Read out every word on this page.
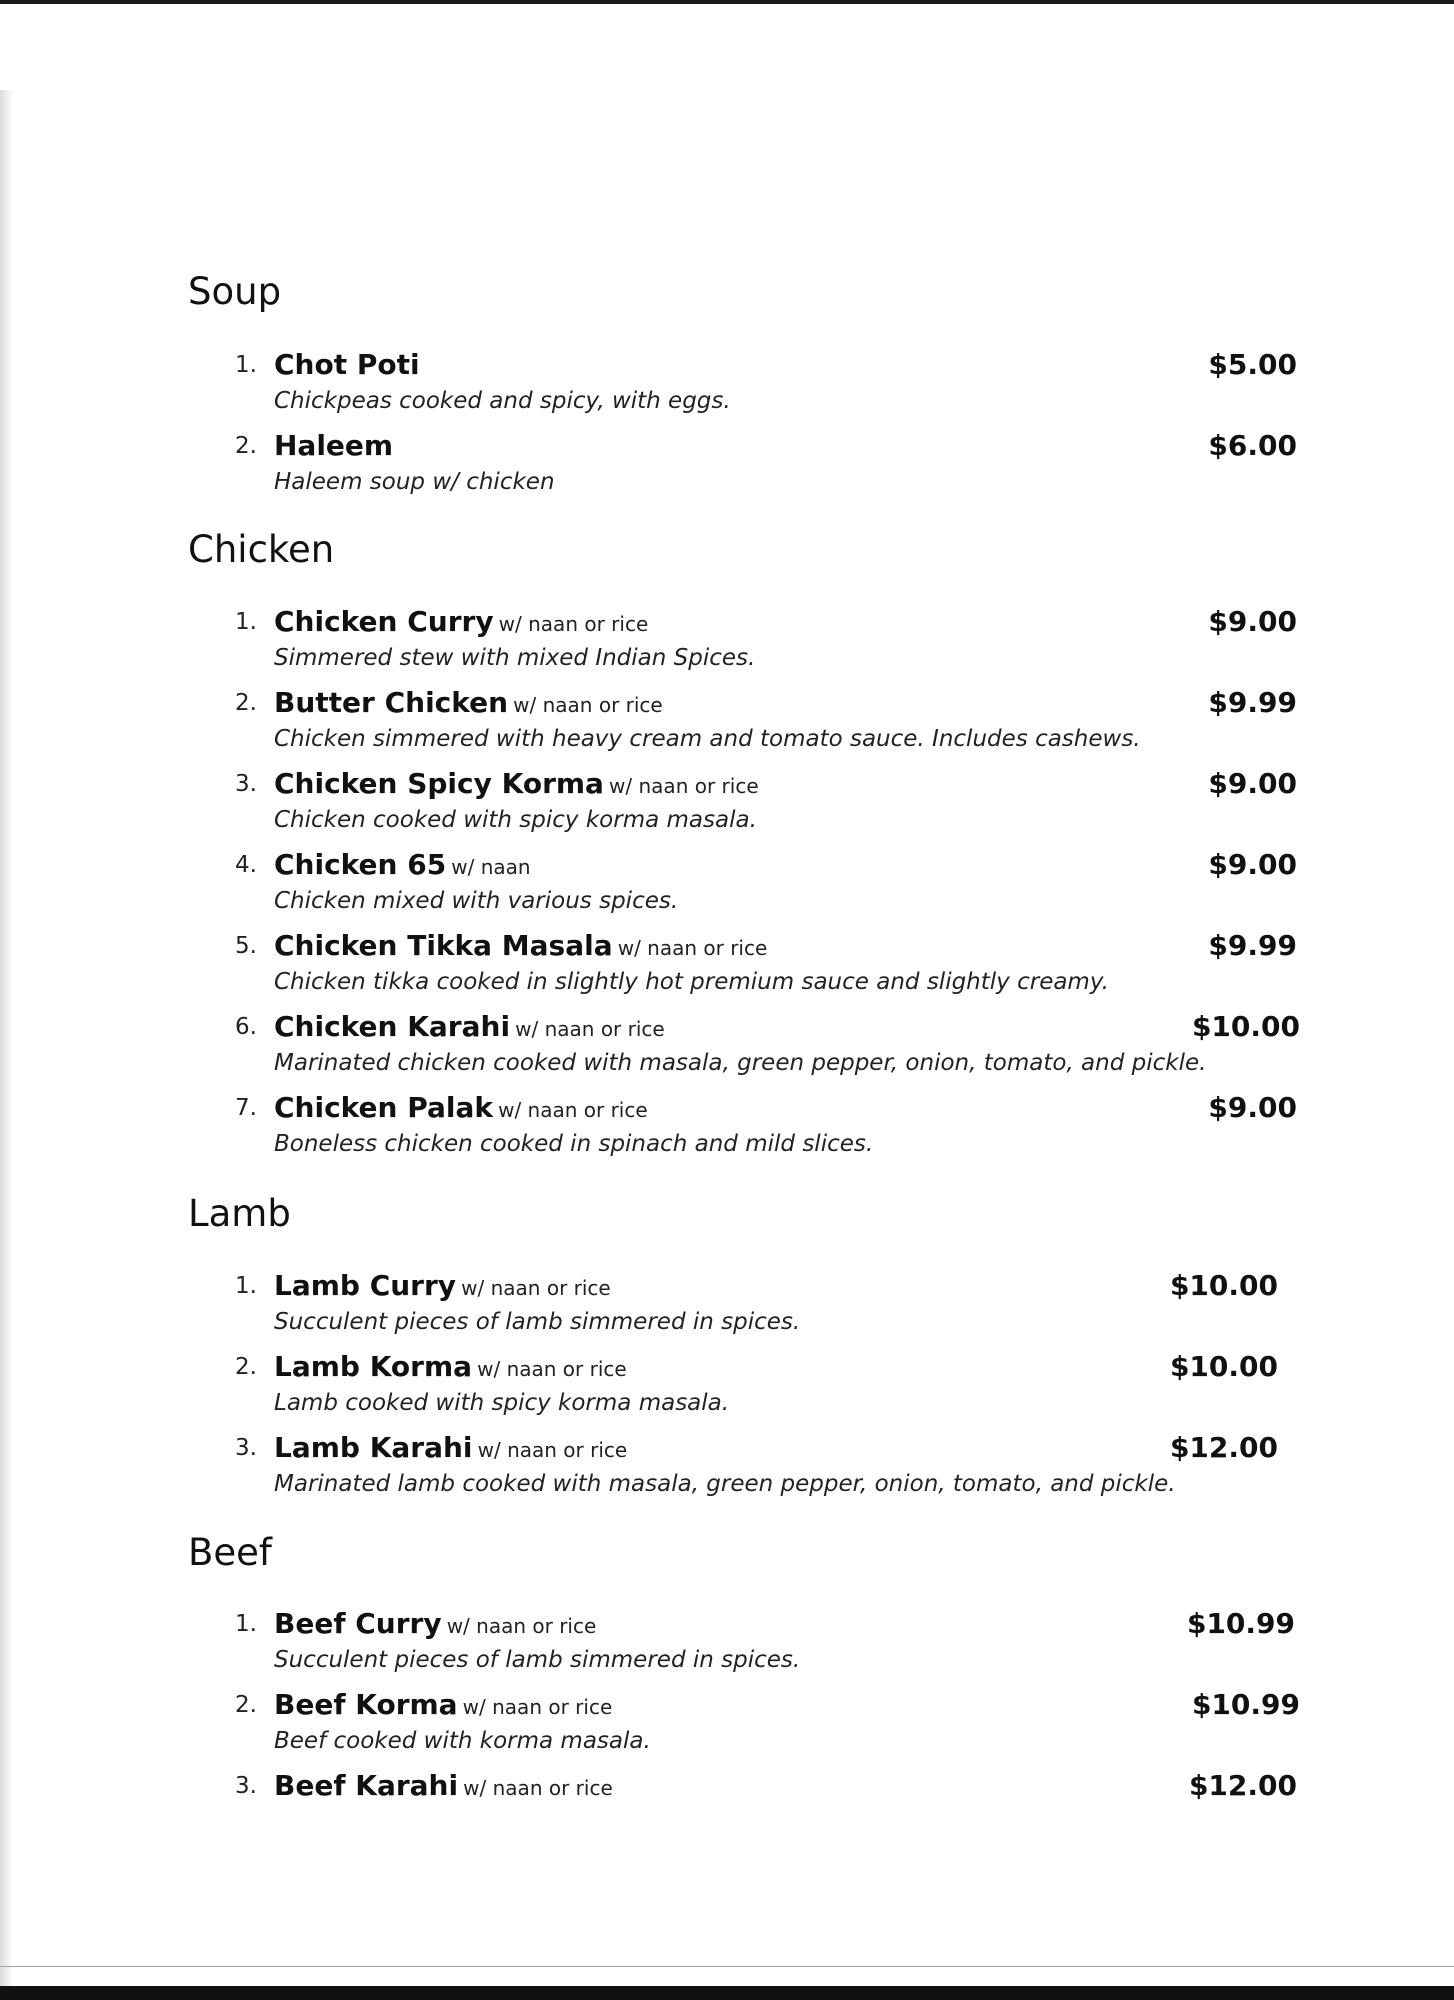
Soup
1. Chot Poti
Chickpeas cooked and spicy, with eggs.
$5.00
2. Haleem
Haleem soup w/ chicken
$6.00
Chicken
1. Chicken Curry w/ naan or rice
Simmered stew with mixed Indian Spices.
$9.00
2. Butter Chicken w/ naan or rice
Chicken simmered with heavy cream and tomato sauce. Includes cashews.
$9.99
3. Chicken Spicy Korma w/ naan or rice
Chicken cooked with spicy korma masala.
$9.00
4. Chicken 65 w/ naan
Chicken mixed with various spices.
$9.00
5. Chicken Tikka Masala w/ naan or rice
Chicken tikka cooked in slightly hot premium sauce and slightly creamy.
$9.99
6. Chicken Karahi w/ naan or rice
Marinated chicken cooked with masala, green pepper, onion, tomato, and pickle.
$10.00
7. Chicken Palak w/ naan or rice
Boneless chicken cooked in spinach and mild slices.
$9.00
Lamb
1. Lamb Curry w/ naan or rice
Succulent pieces of lamb simmered in spices.
$10.00
2. Lamb Korma w/ naan or rice
Lamb cooked with spicy korma masala.
$10.00
3. Lamb Karahi w/ naan or rice
Marinated lamb cooked with masala, green pepper, onion, tomato, and pickle.
$12.00
Beef
1. Beef Curry w/ naan or rice
Succulent pieces of lamb simmered in spices.
$10.99
2. Beef Korma w/ naan or rice
Beef cooked with korma masala.
$10.99
3. Beef Karahi w/ naan or rice	$12.00
